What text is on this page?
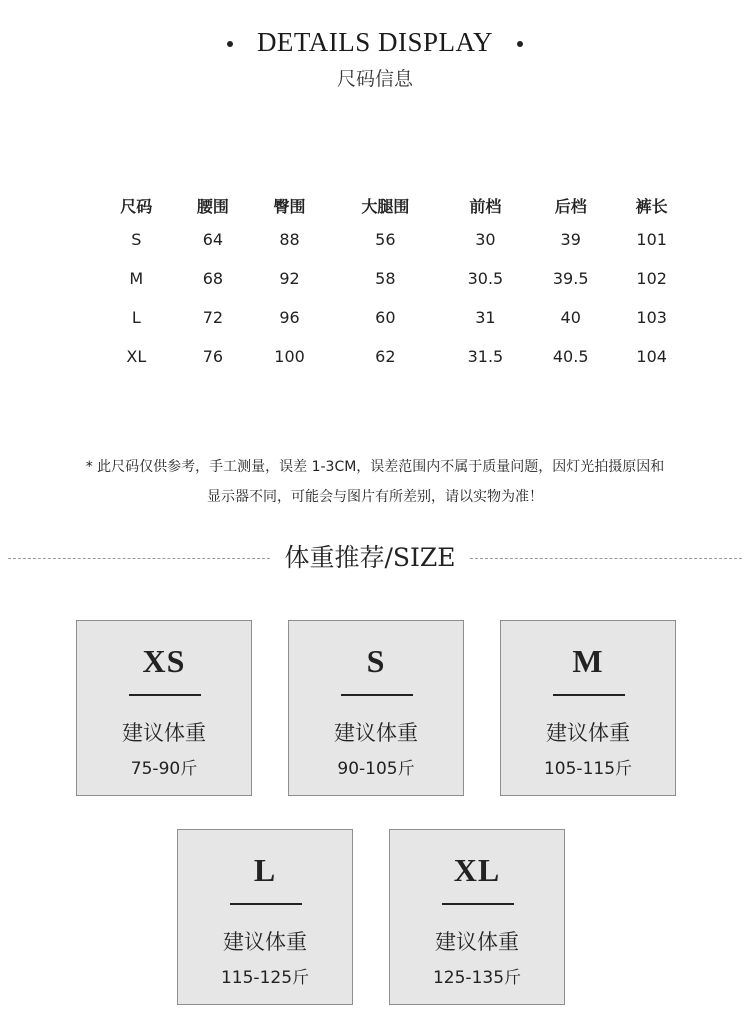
DETAILS DISPLAY
尺码信息
尺码	腰围	臀围	大腿围	前档	后档	裤长
S	64	88	56	30	39	101
M	68	92	58	30.5	39.5	102
L	72	96	60	31	40	103
XL	76	100	62	31.5	40.5	104
* 此尺码仅供参考，手工测量，误差 1-3CM，误差范围内不属于质量问题，因灯光拍摄原因和
显示器不同，可能会与图片有所差别，请以实物为准！
体重推荐/SIZE
XS
建议体重
75-90斤
S
建议体重
90-105斤
M
建议体重
105-115斤
L
建议体重
115-125斤
XL
建议体重
125-135斤
